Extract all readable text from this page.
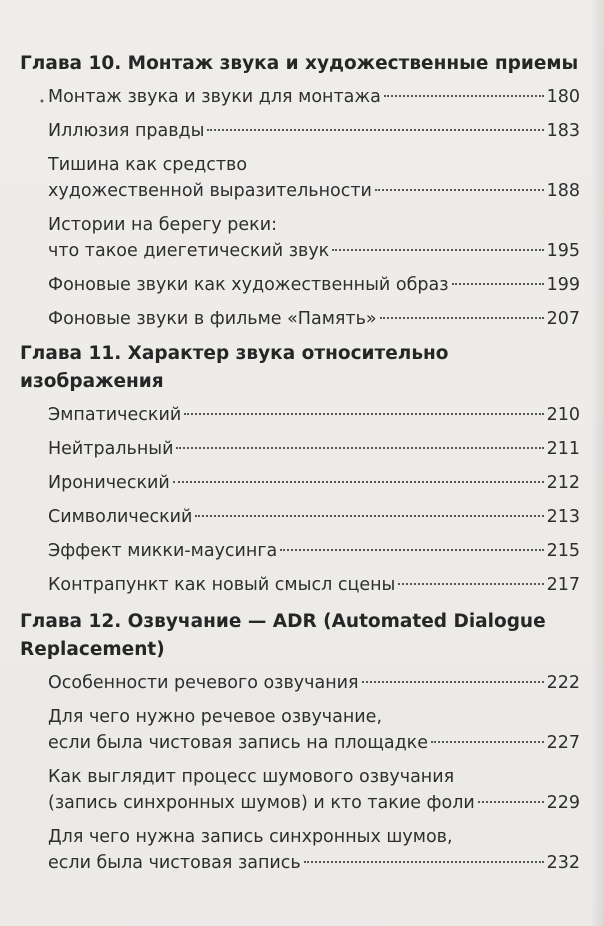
•
Глава 10. Монтаж звука и художественные приемы
Монтаж звука и звуки для монтажа	180
Иллюзия правды	183
Тишина как средство
художественной выразительности	188
Истории на берегу реки:
что такое диегетический звук	195
Фоновые звуки как художественный образ	199
Фоновые звуки в фильме «Память»	207
Глава 11. Характер звука относительно изображения
Эмпатический	210
Нейтральный	211
Иронический	212
Символический	213
Эффект микки-маусинга	215
Контрапункт как новый смысл сцены	217
Глава 12. Озвучание — ADR (Automated Dialogue Replacement)
Особенности речевого озвучания	222
Для чего нужно речевое озвучание,
если была чистовая запись на площадке	227
Как выглядит процесс шумового озвучания
(запись синхронных шумов) и кто такие фоли	229
Для чего нужна запись синхронных шумов,
если была чистовая запись	232
